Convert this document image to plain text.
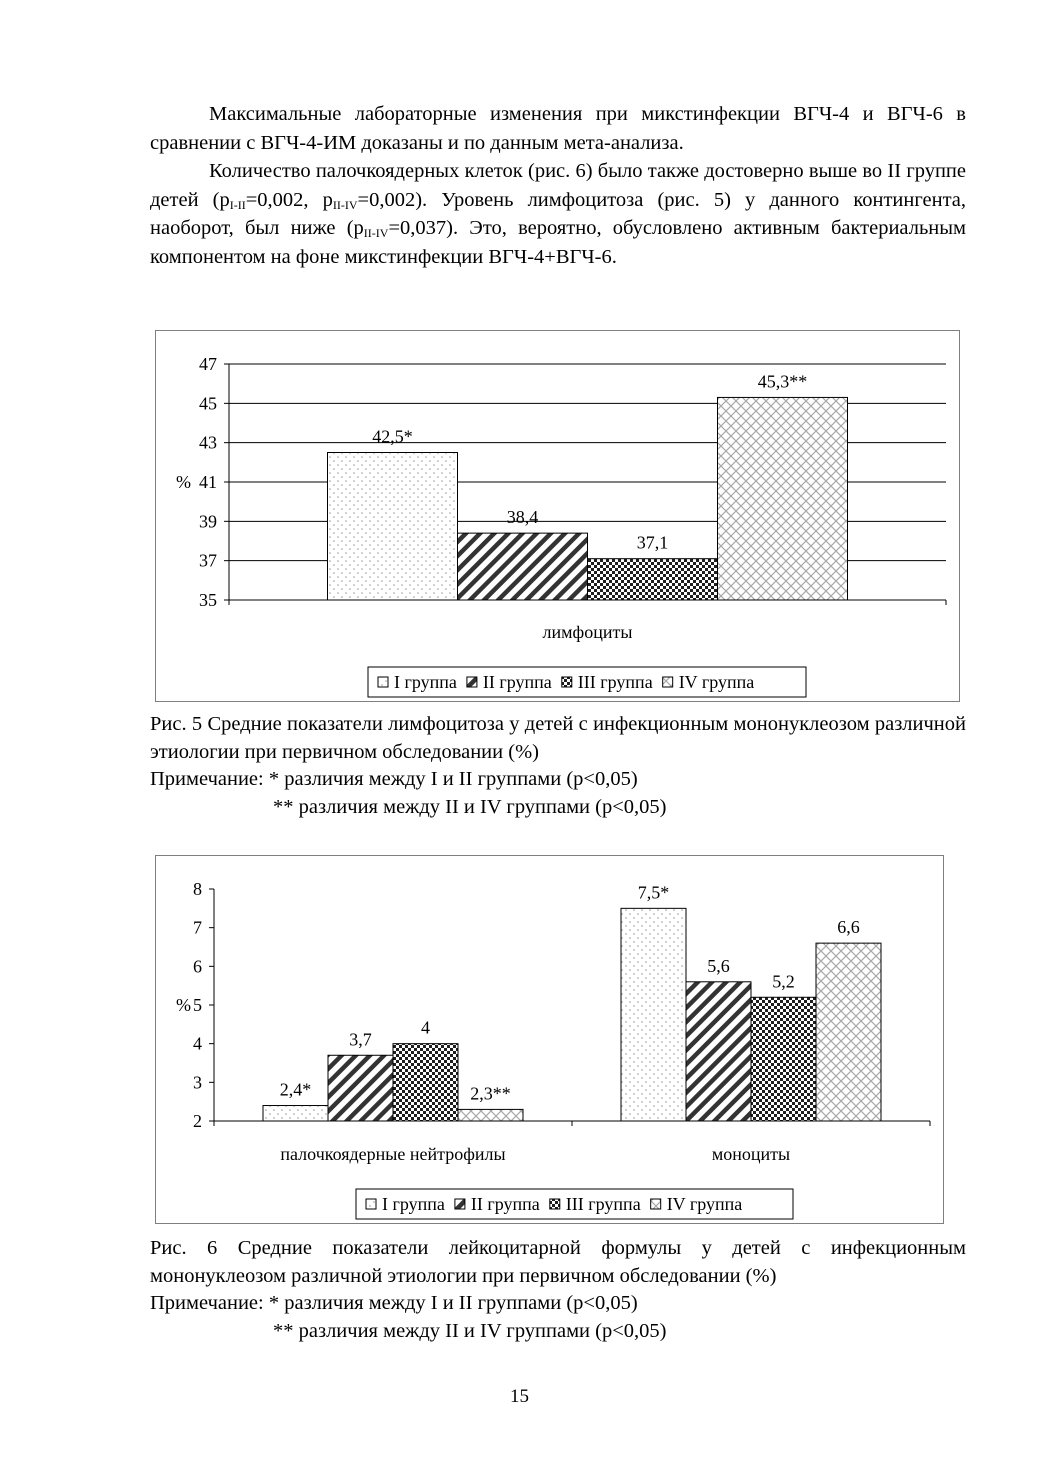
Максимальные лабораторные изменения при микстинфекции ВГЧ-4 и ВГЧ-6 в сравнении с ВГЧ-4-ИМ доказаны и по данным мета-анализа.

Количество палочкоядерных клеток (рис. 6) было также достоверно выше во II группе детей ($p_{I-II}=0,002$, $p_{II-IV}=0,002$). Уровень лимфоцитоза (рис. 5) у данного контингента, наоборот, был ниже $(p_{II-IV}=0,037)$. Это, вероятно, обусловлено активным бактериальным компонентом на фоне микстинфекции ВГЧ-4+ВГЧ-6.

35
37
39
41
43
45
47
%
42,5*
38,4
37,1
45,3**
лимфоциты
I группа II группа III группа IV группа
Рис. 5 Средние показатели лимфоцитоза у детей с инфекционным мононуклеозом различной этиологии при первичном обследовании (%)
Примечание: * различия между I и II группами (p<0,05)
** различия между II и IV группами (p<0,05)
2
3
4
5
6
7
8
%
2,4*
3,7
4
2,3**
палочкоядерные нейтрофилы
7,5*
5,6
5,2
6,6
моноциты
I группа II группа III группа IV группа
Рис. 6 Средние показатели лейкоцитарной формулы у детей с инфекционным мононуклеозом различной этиологии при первичном обследовании (%)
Примечание: * различия между I и II группами (p<0,05)
** различия между II и IV группами (p<0,05)
15
